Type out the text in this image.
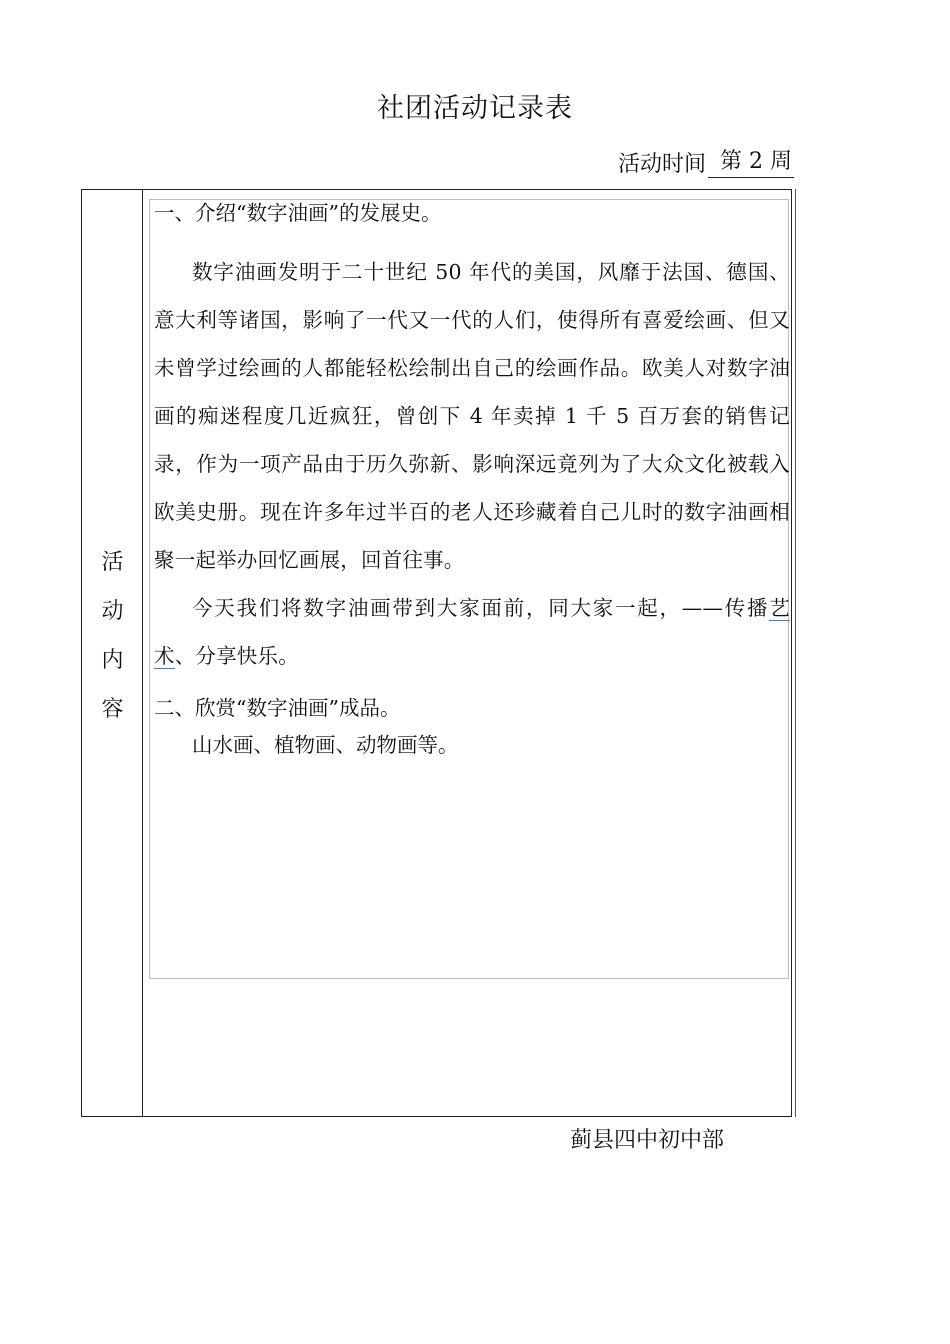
社团活动记录表
活动时间 第 2 周
活
动
内
容

一、介绍“数字油画”的发展史。

数字油画发明于二十世纪 50 年代的美国，风靡于法国、德国、意大利等诸国，影响了一代又一代的人们，使得所有喜爱绘画、但又未曾学过绘画的人都能轻松绘制出自己的绘画作品。欧美人对数字油画的痴迷程度几近疯狂，曾创下 4 年卖掉 1 千 5 百万套的销售记录，作为一项产品由于历久弥新、影响深远竟列为了大众文化被载入欧美史册。现在许多年过半百的老人还珍藏着自己儿时的数字油画相聚一起举办回忆画展，回首往事。

今天我们将数字油画带到大家面前，同大家一起，——传播艺术、分享快乐。

二、欣赏“数字油画”成品。

山水画、植物画、动物画等。

蓟县四中初中部
